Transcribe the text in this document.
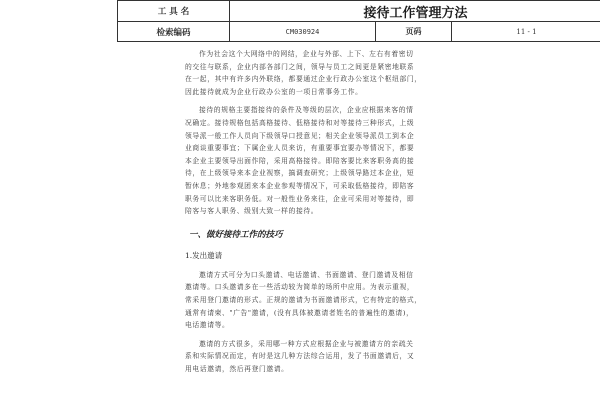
工 具 名	接待工作管理方法
检索编码	CM030924	页码	11 - 1

作为社会这个大网络中的网结，企业与外部、上下、左右有着密切

的交往与联系，企业内部各部门之间，领导与员工之间更是紧密地联系

在一起，其中有许多内外联络，都要通过企业行政办公室这个枢纽部门，

因此接待就成为企业行政办公室的一项日常事务工作。

接待的规格主要指接待的条件及等级的层次，企业应根据来客的情

况确定。接待规格包括高格接待、低格接待和对等接待三种形式，上级

领导派一般工作人员向下级领导口授意见；相关企业领导派员工到本企

业商谈重要事宜；下属企业人员来访，有重要事宜要办等情况下，都要

本企业主要领导出面作陪，采用高格接待。即陪客要比来客职务高的接

待，在上级领导来本企业视察，搞调查研究；上级领导路过本企业，短

暂休息；外地参观团来本企业参观等情况下，可采取低格接待，即陪客

职务可以比来客职务低。对一般性业务来往，企业可采用对等接待，即

陪客与客人职务、级别大致一样的接待。

一、做好接待工作的技巧
1.发出邀请

邀请方式可分为口头邀请、电话邀请、书面邀请、登门邀请及相信

邀请等。口头邀请多在一些活动较为简单的场所中应用。为表示重视，

常采用登门邀请的形式。正规的邀请为书面邀请形式，它有特定的格式，

通常有请柬、"广告"邀请，(没有具体被邀请者姓名的普遍性的邀请)，

电话邀请等。

邀请的方式很多，采用哪一种方式应根据企业与被邀请方的亲疏关

系和实际情况而定，有时是这几种方法综合运用，发了书面邀请后，又

用电话邀请，然后再登门邀请。
